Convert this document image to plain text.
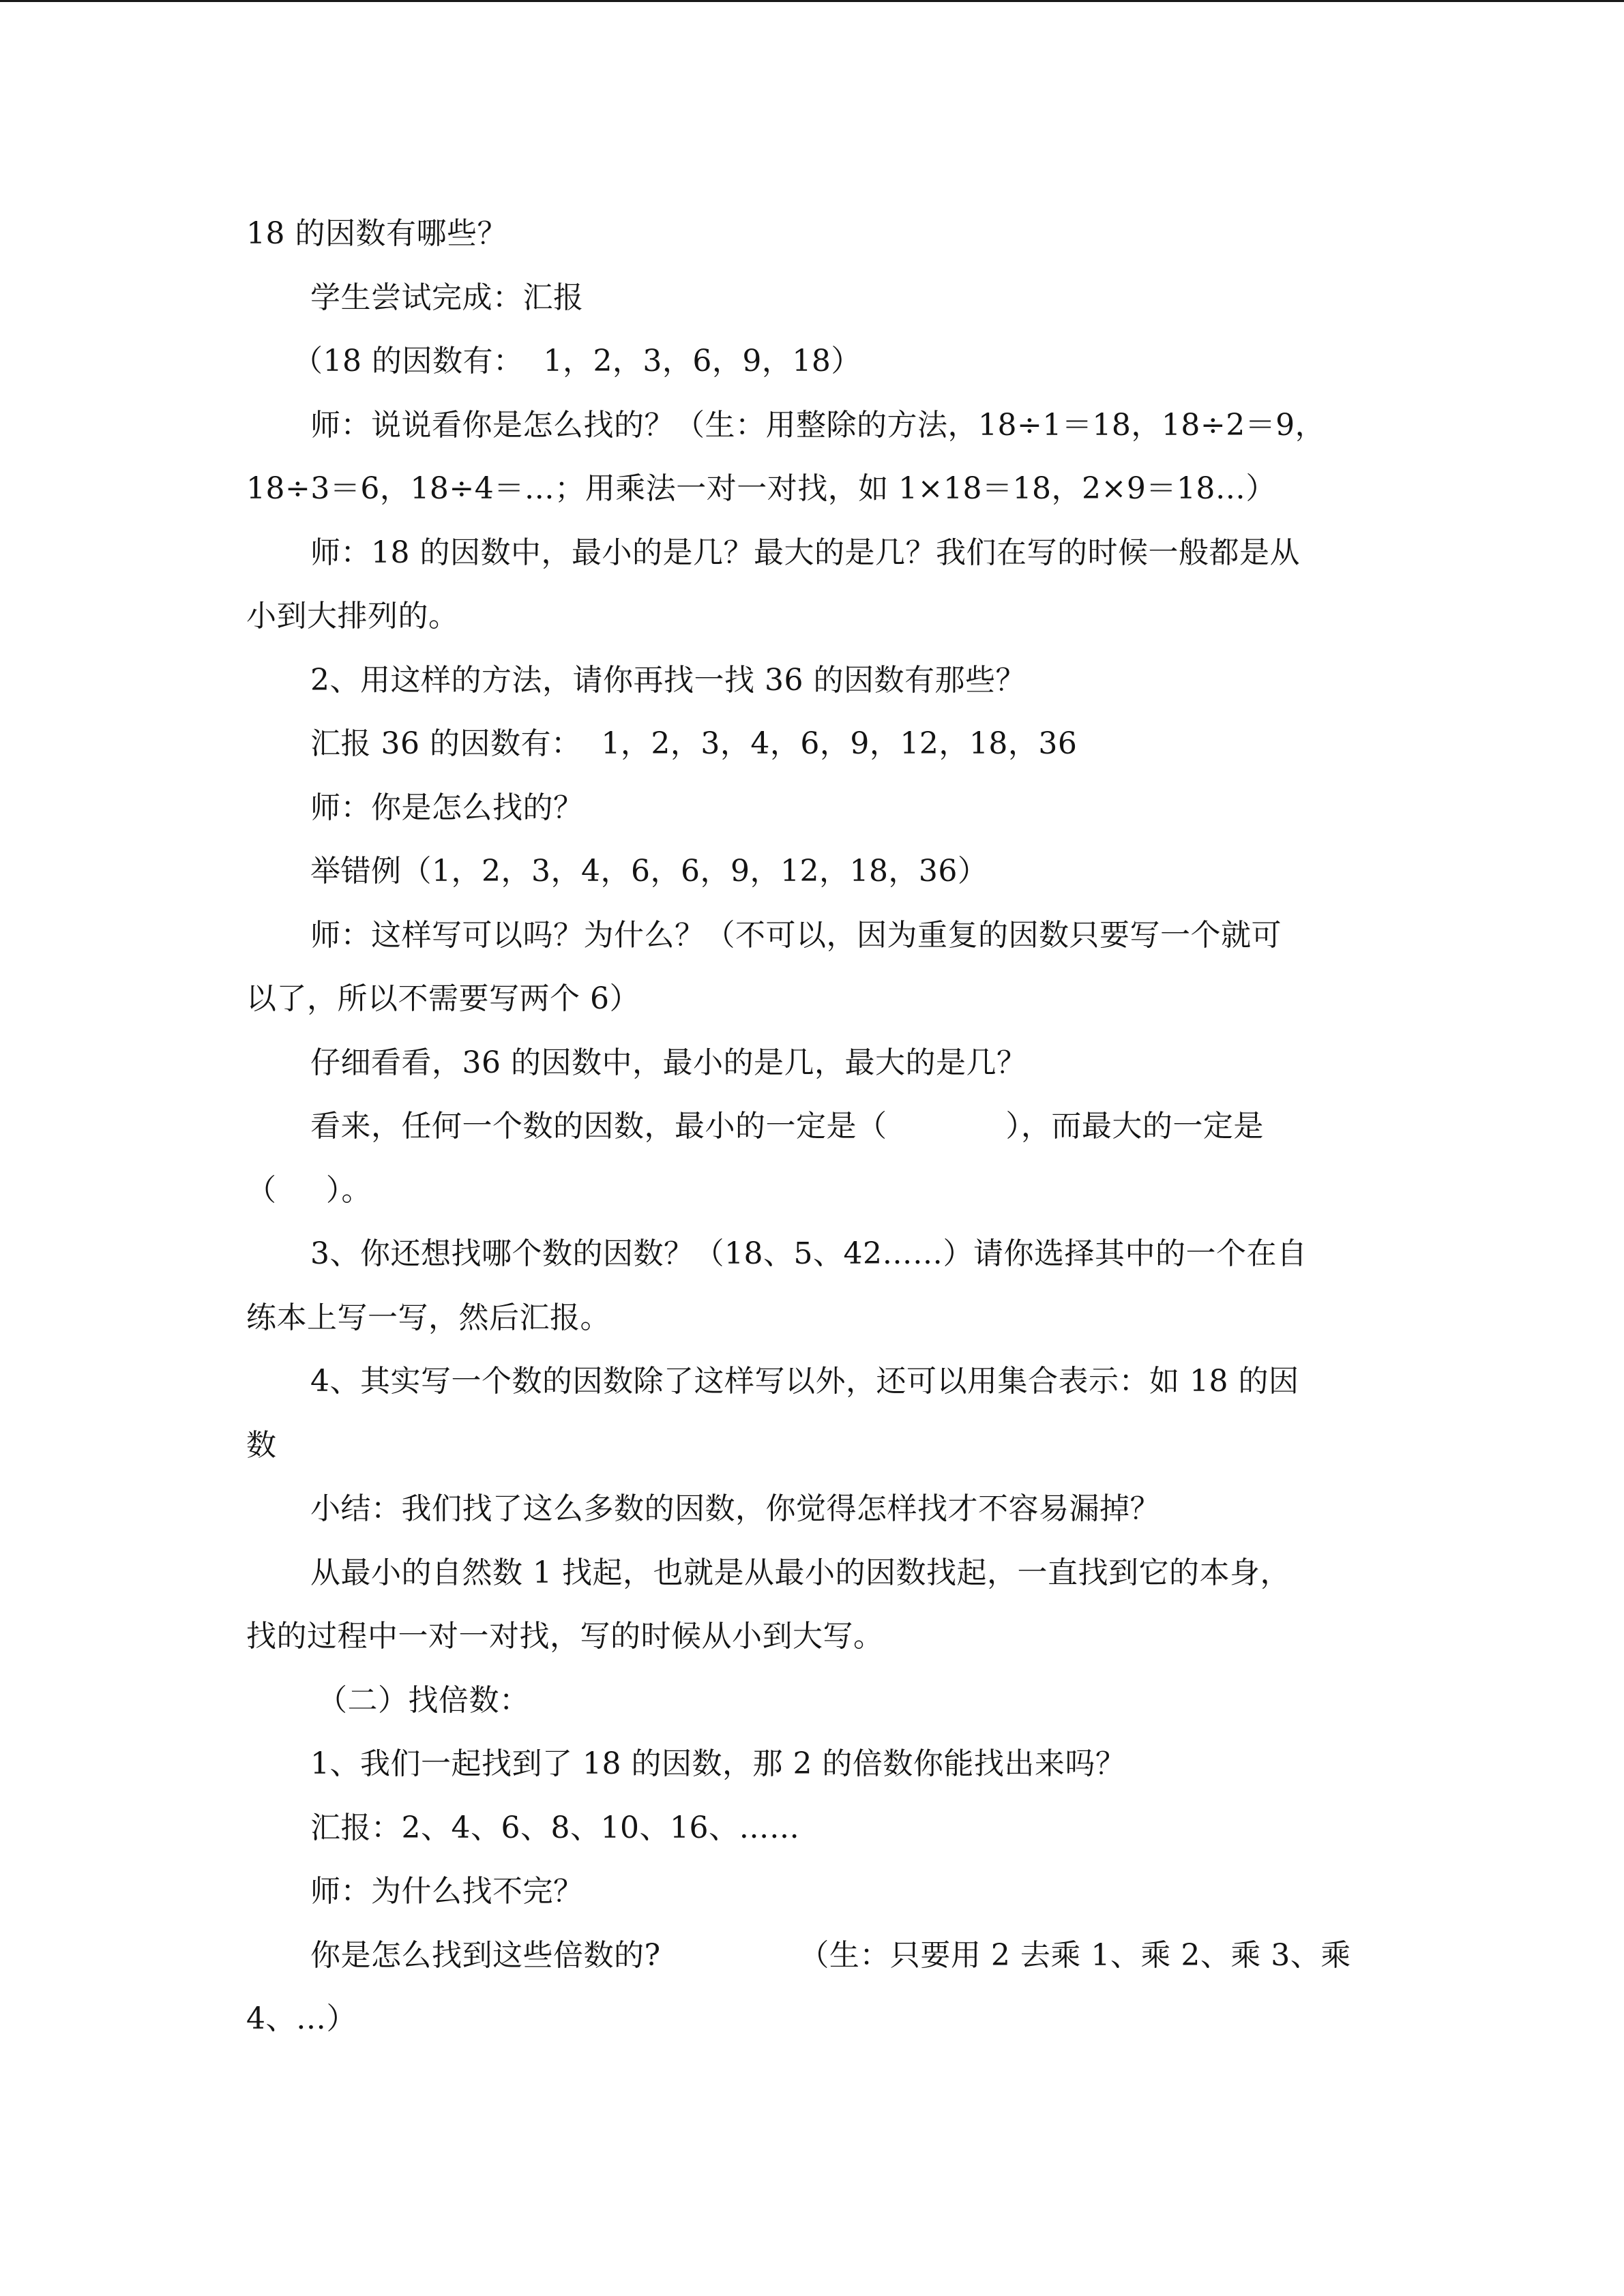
18 的因数有哪些？
学生尝试完成：汇报
（18 的因数有：  1，2，3，6，9，18）
师：说说看你是怎么找的？（生：用整除的方法，18÷1＝18，18÷2＝9，
18÷3＝6，18÷4＝…；用乘法一对一对找，如 1×18＝18，2×9＝18…）
师：18 的因数中，最小的是几？最大的是几？我们在写的时候一般都是从
小到大排列的。
2、用这样的方法，请你再找一找 36 的因数有那些？
汇报 36 的因数有：  1，2，3，4，6，9，12，18，36
师：你是怎么找的？
举错例（1，2，3，4，6，6，9，12，18，36）
师：这样写可以吗？为什么？（不可以，因为重复的因数只要写一个就可
以了，所以不需要写两个 6）
仔细看看，36 的因数中，最小的是几，最大的是几？
看来，任何一个数的因数，最小的一定是（            ），而最大的一定是
（     ）。
3、你还想找哪个数的因数？（18、5、42……）请你选择其中的一个在自
练本上写一写，然后汇报。
4、其实写一个数的因数除了这样写以外，还可以用集合表示：如 18 的因
数
小结：我们找了这么多数的因数，你觉得怎样找才不容易漏掉？
从最小的自然数 1 找起，也就是从最小的因数找起，一直找到它的本身，
找的过程中一对一对找，写的时候从小到大写。
（二）找倍数：
1、我们一起找到了 18 的因数，那 2 的倍数你能找出来吗？
汇报：2、4、6、8、10、16、……
师：为什么找不完？
你是怎么找到这些倍数的?              （生：只要用 2 去乘 1、乘 2、乘 3、乘
4、…）
